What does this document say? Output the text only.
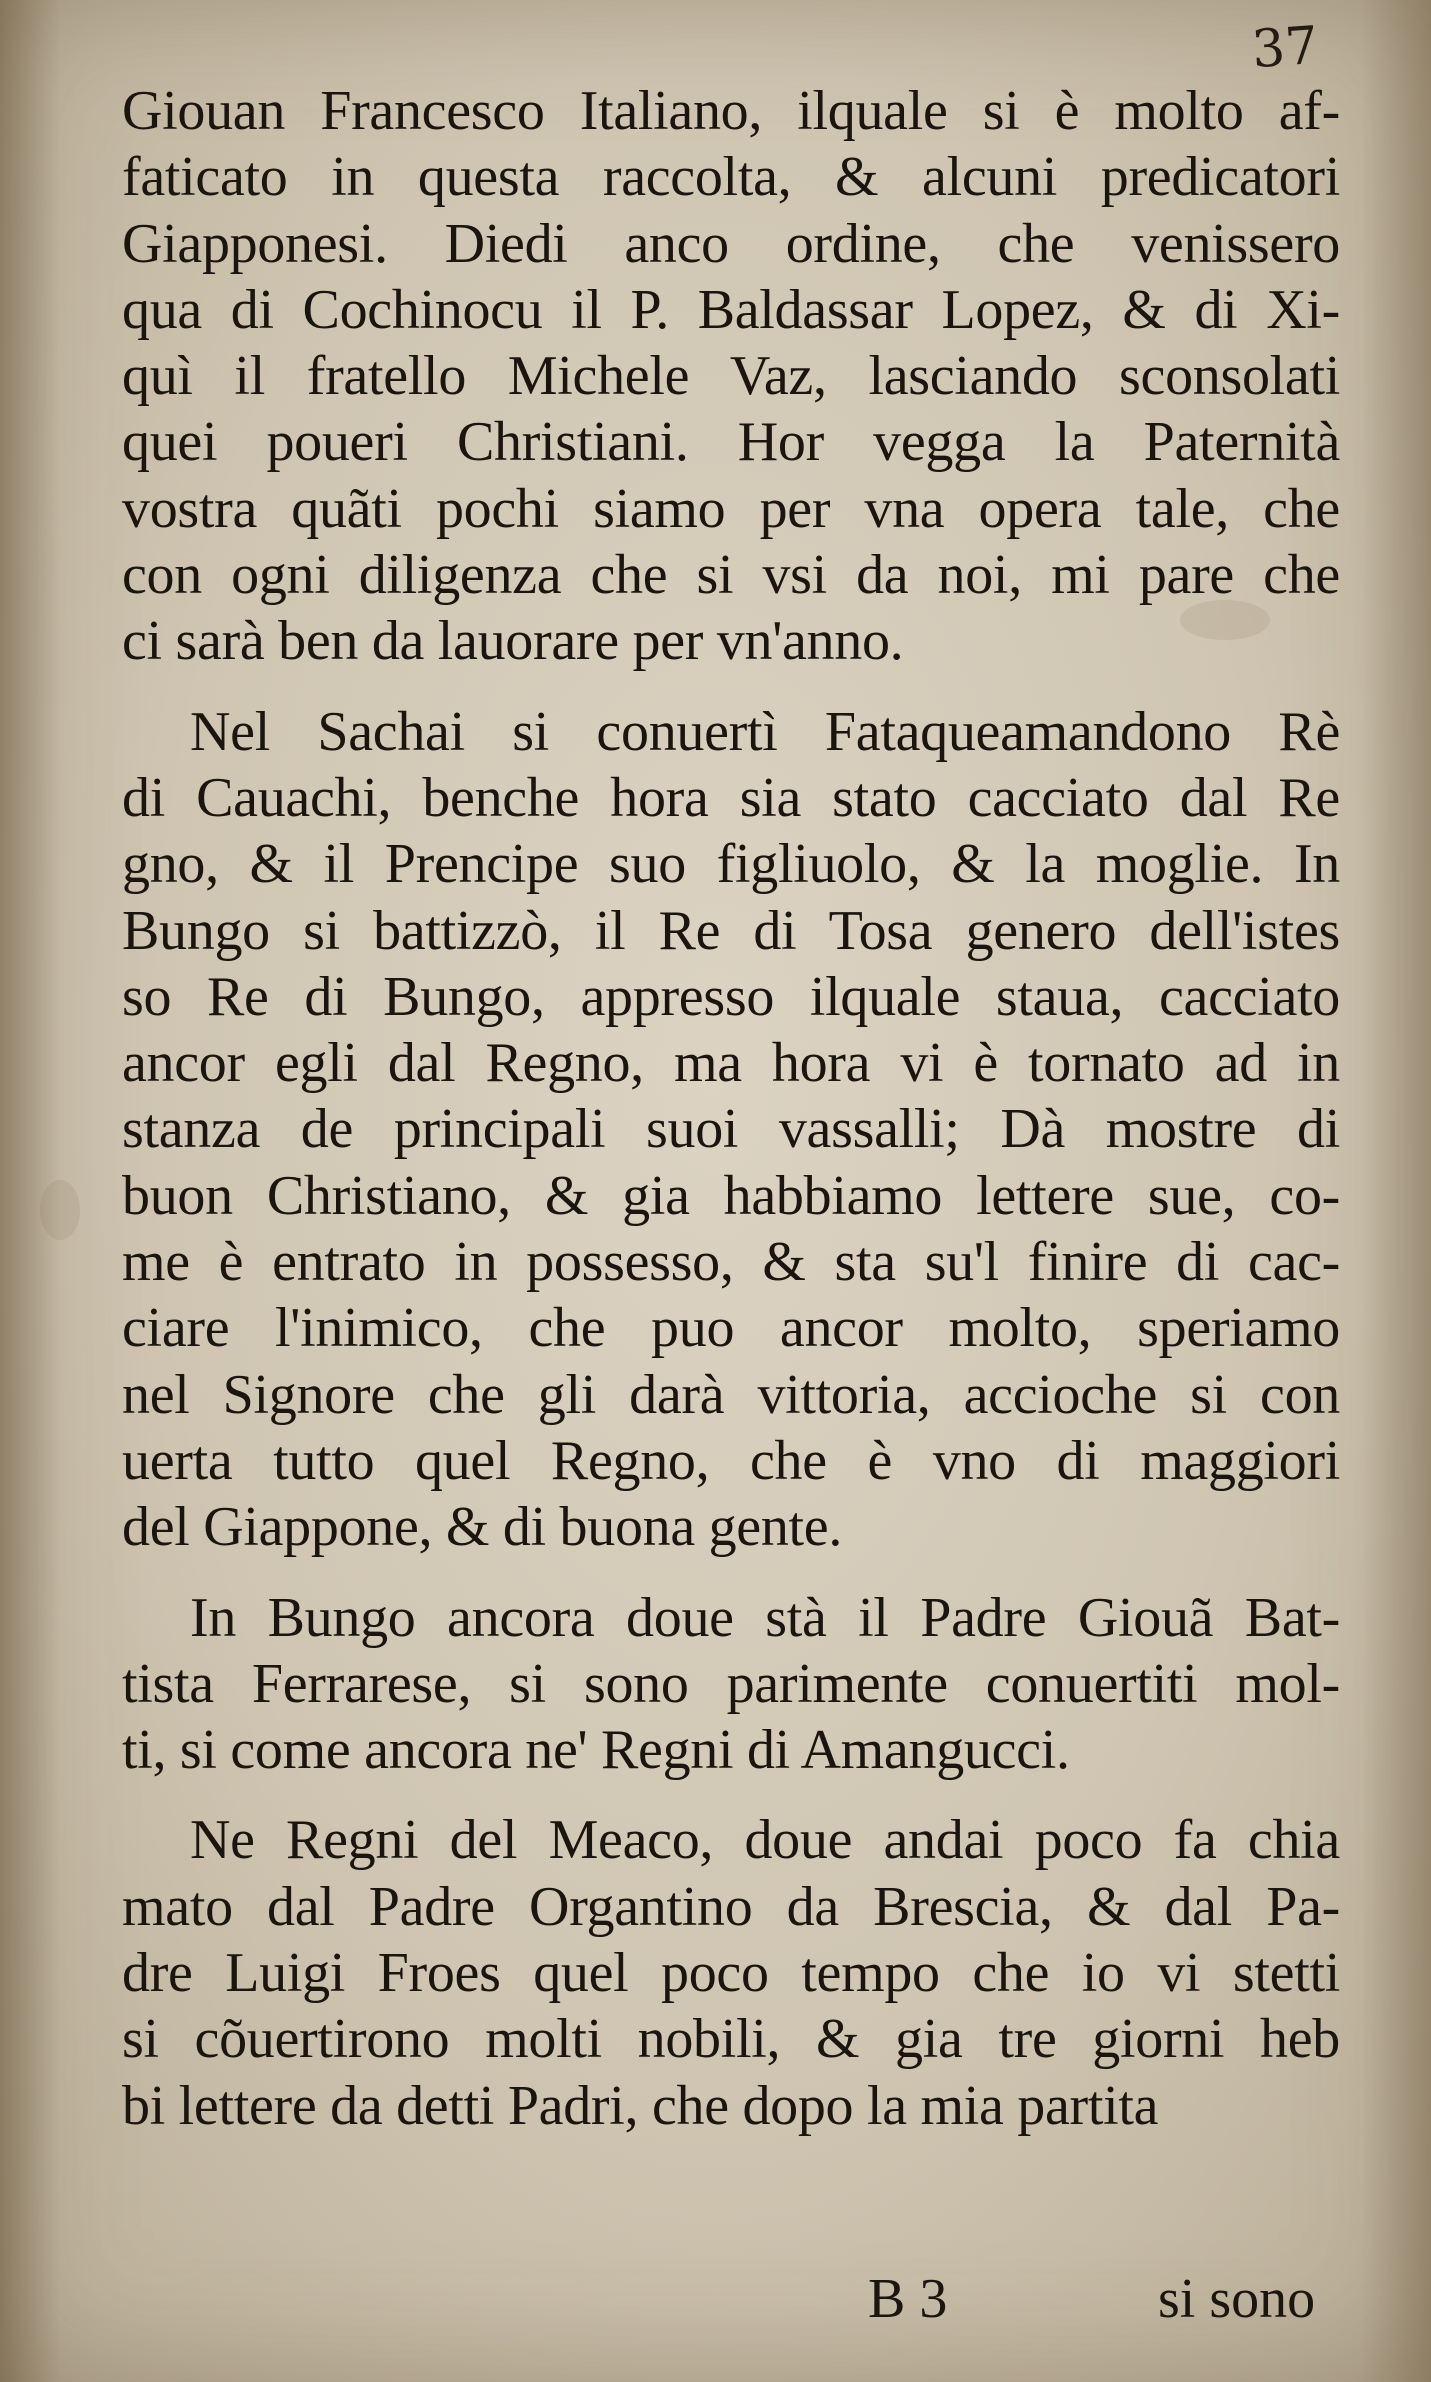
37
Giouan Francesco Italiano, ilquale si è molto af-
faticato in questa raccolta, & alcuni predicatori
Giapponesi. Diedi anco ordine, che venissero
qua di Cochinocu il P. Baldassar Lopez, & di Xi-
quì il fratello Michele Vaz, lasciando sconsolati
quei poueri Christiani. Hor vegga la Paternità
vostra quãti pochi siamo per vna opera tale, che
con ogni diligenza che si vsi da noi, mi pare che
ci sarà ben da lauorare per vn'anno.
Nel Sachai si conuertì Fataqueamandono Rè
di Cauachi, benche hora sia stato cacciato dal Re
gno, & il Prencipe suo figliuolo, & la moglie. In
Bungo si battizzò, il Re di Tosa genero dell'istes
so Re di Bungo, appresso ilquale staua, cacciato
ancor egli dal Regno, ma hora vi è tornato ad in
stanza de principali suoi vassalli; Dà mostre di
buon Christiano, & gia habbiamo lettere sue, co-
me è entrato in possesso, & sta su'l finire di cac-
ciare l'inimico, che puo ancor molto, speriamo
nel Signore che gli darà vittoria, accioche si con
uerta tutto quel Regno, che è vno di maggiori
del Giappone, & di buona gente.
In Bungo ancora doue stà il Padre Giouã Bat-
tista Ferrarese, si sono parimente conuertiti mol-
ti, si come ancora ne' Regni di Amangucci.
Ne Regni del Meaco, doue andai poco fa chia
mato dal Padre Organtino da Brescia, & dal Pa-
dre Luigi Froes quel poco tempo che io vi stetti
si cõuertirono molti nobili, & gia tre giorni heb
bi lettere da detti Padri, che dopo la mia partita
B 3	si sono
